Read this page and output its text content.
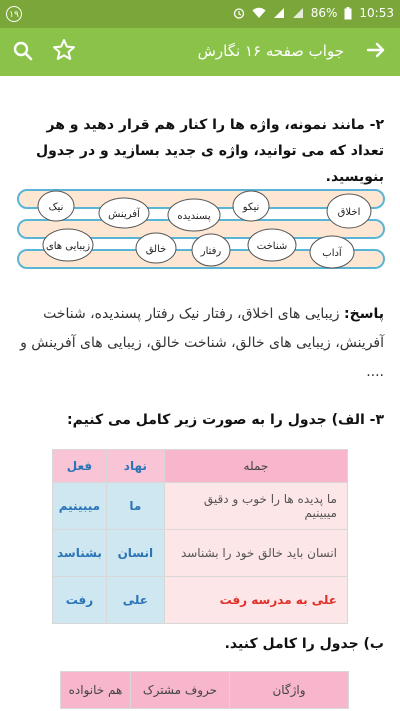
۱۹	86% 10:53
جواب صفحه ۱۶ نگارش
۲- مانند نمونه، واژه ها را کنار هم قرار دهید و هر تعداد که می توانید، واژه ی جدید بسازید و در جدول بنویسید.
اخلاق
نیکو
پسندیده
آفرینش
نیک
آداب
شناخت
رفتار
خالق
زیبایی های
پاسخ: زیبایی های اخلاق، رفتار نیک رفتار پسندیده، شناخت آفرینش، زیبایی های خالق، شناخت خالق، زیبایی های آفرینش و ....
۳- الف) جدول را به صورت زیر کامل می کنیم:
جمله	نهاد	فعل
ما پدیده ها را خوب و دقیق میبینیم	ما	میبینیم
انسان باید خالق خود را بشناسد	انسان	بشناسد
علی به مدرسه رفت	علی	رفت
ب) جدول را کامل کنید.
واژگان	حروف مشترک	هم خانواده
